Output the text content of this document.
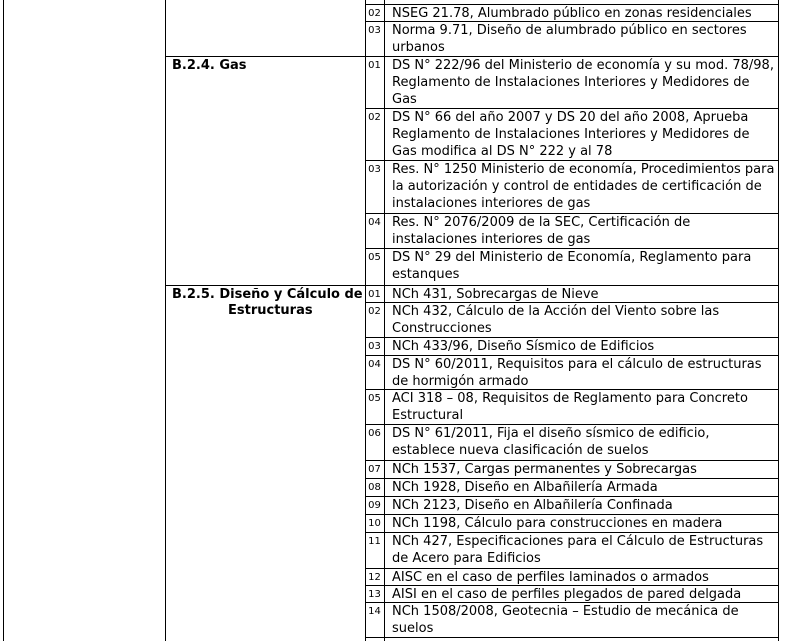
B.2.4. Gas
B.2.5. Diseño y Cálculo de
Estructuras
02 NSEG 21.78, Alumbrado público en zonas residenciales
03 Norma 9.71, Diseño de alumbrado público en sectores urbanos
01 DS N° 222/96 del Ministerio de economía y su mod. 78/98, Reglamento de Instalaciones Interiores y Medidores de Gas
02 DS N° 66 del año 2007 y DS 20 del año 2008, Aprueba Reglamento de Instalaciones Interiores y Medidores de Gas modifica al DS N° 222 y al 78
03 Res. N° 1250 Ministerio de economía, Procedimientos para la autorización y control de entidades de certificación de instalaciones interiores de gas
04 Res. N° 2076/2009 de la SEC, Certificación de instalaciones interiores de gas
05 DS N° 29 del Ministerio de Economía, Reglamento para estanques
01 NCh 431, Sobrecargas de Nieve
02 NCh 432, Cálculo de la Acción del Viento sobre las Construcciones
03 NCh 433/96, Diseño Sísmico de Edificios
04 DS N° 60/2011, Requisitos para el cálculo de estructuras de hormigón armado
05 ACI 318 – 08, Requisitos de Reglamento para Concreto Estructural
06 DS N° 61/2011, Fija el diseño sísmico de edificio, establece nueva clasificación de suelos
07 NCh 1537, Cargas permanentes y Sobrecargas
08 NCh 1928, Diseño en Albañilería Armada
09 NCh 2123, Diseño en Albañilería Confinada
10 NCh 1198, Cálculo para construcciones en madera
11 NCh 427, Especificaciones para el Cálculo de Estructuras de Acero para Edificios
12 AISC en el caso de perfiles laminados o armados
13 AISI en el caso de perfiles plegados de pared delgada
14 NCh 1508/2008, Geotecnia – Estudio de mecánica de suelos
